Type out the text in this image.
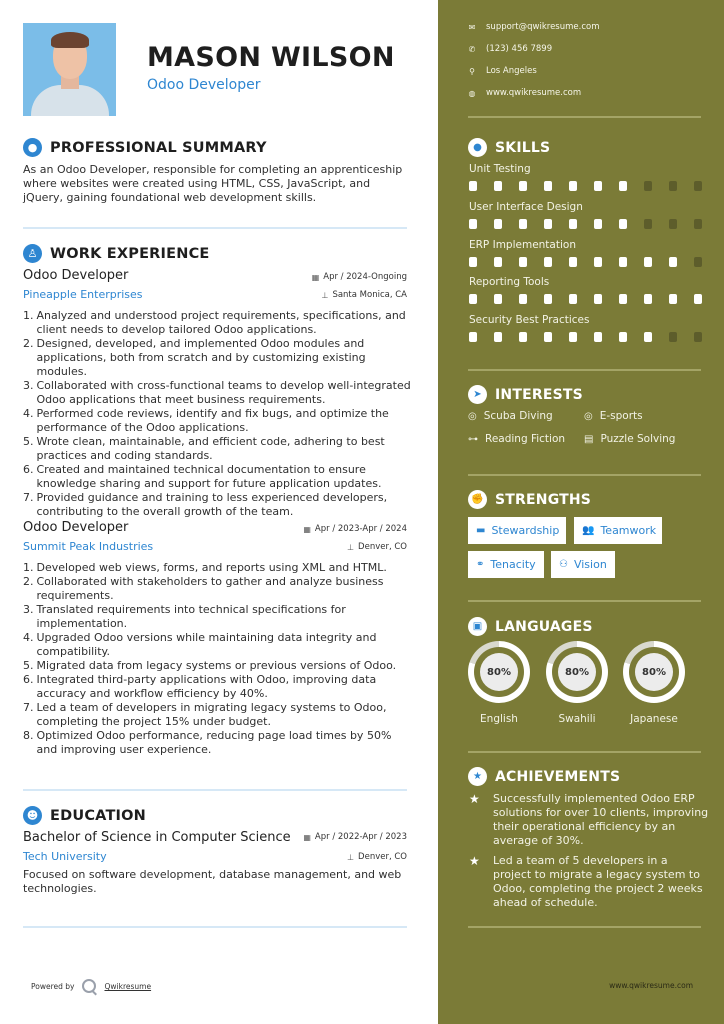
MASON WILSON
Odoo Developer
● PROFESSIONAL SUMMARY
As an Odoo Developer, responsible for completing an apprenticeship where websites were created using HTML, CSS, JavaScript, and jQuery, gaining foundational web development skills.
♙ WORK EXPERIENCE
Odoo Developer	▦ Apr / 2024-Ongoing
Pineapple Enterprises	⊥ Santa Monica, CA
1.
Analyzed and understood project requirements, specifications, and client needs to develop tailored Odoo applications.
2.
Designed, developed, and implemented Odoo modules and applications, both from scratch and by customizing existing modules.
3.
Collaborated with cross-functional teams to develop well-integrated Odoo applications that meet business requirements.
4.
Performed code reviews, identify and fix bugs, and optimize the performance of the Odoo applications.
5.
Wrote clean, maintainable, and efficient code, adhering to best practices and coding standards.
6.
Created and maintained technical documentation to ensure knowledge sharing and support for future application updates.
7.
Provided guidance and training to less experienced developers, contributing to the overall growth of the team.
Odoo Developer	▦ Apr / 2023-Apr / 2024
Summit Peak Industries	⊥ Denver, CO
1.
Developed web views, forms, and reports using XML and HTML.
2.
Collaborated with stakeholders to gather and analyze business requirements.
3.
Translated requirements into technical specifications for implementation.
4.
Upgraded Odoo versions while maintaining data integrity and compatibility.
5.
Migrated data from legacy systems or previous versions of Odoo.
6.
Integrated third-party applications with Odoo, improving data accuracy and workflow efficiency by 40%.
7.
Led a team of developers in migrating legacy systems to Odoo, completing the project 15% under budget.
8.
Optimized Odoo performance, reducing page load times by 50% and improving user experience.
☻ EDUCATION
Bachelor of Science in Computer Science ▦ Apr / 2022-Apr / 2023
Tech University	⊥ Denver, CO
Focused on software development, database management, and web technologies.
Powered by	Qwikresume
✉ support@qwikresume.com
✆ (123) 456 7899
⚲ Los Angeles
◍ www.qwikresume.com
● SKILLS
Unit Testing
User Interface Design
ERP Implementation
Reporting Tools
Security Best Practices
➤ INTERESTS
◎ Scuba Diving	◎ E-sports
⊶ Reading Fiction ▤ Puzzle Solving
✊ STRENGTHS
▬ Stewardship 👥 Teamwork
⚭ Tenacity ⚇ Vision
▣ LANGUAGES
80%
English
80%
Swahili
80%
Japanese
★ ACHIEVEMENTS
★	Successfully implemented Odoo ERP solutions for over 10 clients, improving their operational efficiency by an average of 30%.
★	Led a team of 5 developers in a project to migrate a legacy system to Odoo, completing the project 2 weeks ahead of schedule.
www.qwikresume.com
